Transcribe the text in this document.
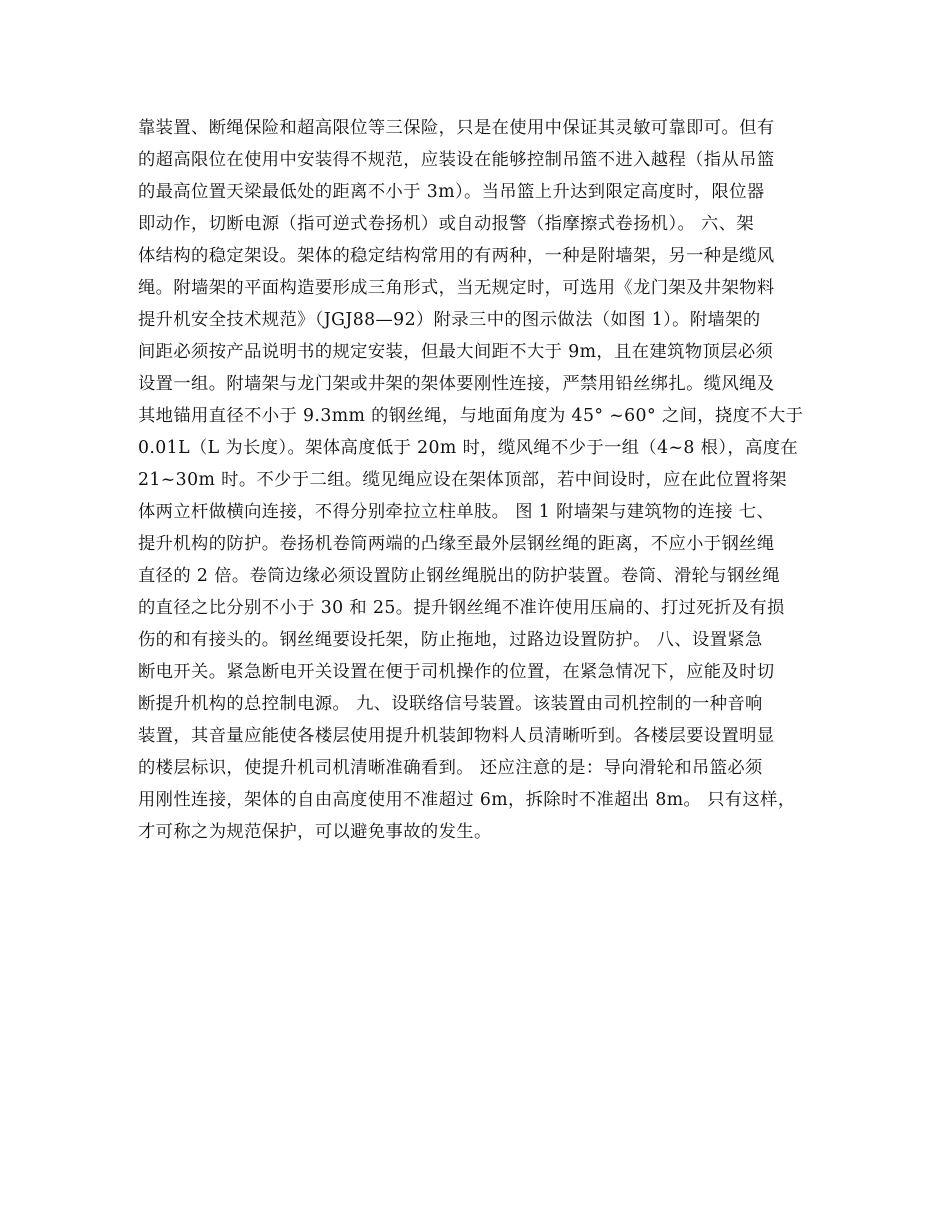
靠装置、断绳保险和超高限位等三保险，只是在使用中保证其灵敏可靠即可。但有
的超高限位在使用中安装得不规范，应装设在能够控制吊篮不进入越程（指从吊篮
的最高位置天梁最低处的距离不小于 3m）。当吊篮上升达到限定高度时，限位器
即动作，切断电源（指可逆式卷扬机）或自动报警（指摩擦式卷扬机）。 六、架
体结构的稳定架设。架体的稳定结构常用的有两种，一种是附墙架，另一种是缆风
绳。附墙架的平面构造要形成三角形式，当无规定时，可选用《龙门架及井架物料
提升机安全技术规范》（JGJ88—92）附录三中的图示做法（如图 1）。附墙架的
间距必须按产品说明书的规定安装，但最大间距不大于 9m，且在建筑物顶层必须
设置一组。附墙架与龙门架或井架的架体要刚性连接，严禁用铅丝绑扎。缆风绳及
其地锚用直径不小于 9.3mm 的钢丝绳，与地面角度为 45° ~60° 之间，挠度不大于
0.01L（L 为长度）。架体高度低于 20m 时，缆风绳不少于一组（4~8 根），高度在
21~30m 时。不少于二组。缆见绳应设在架体顶部，若中间设时，应在此位置将架
体两立杆做横向连接，不得分别牵拉立柱单肢。 图 1 附墙架与建筑物的连接 七、
提升机构的防护。卷扬机卷筒两端的凸缘至最外层钢丝绳的距离，不应小于钢丝绳
直径的 2 倍。卷筒边缘必须设置防止钢丝绳脱出的防护装置。卷筒、滑轮与钢丝绳
的直径之比分别不小于 30 和 25。提升钢丝绳不准许使用压扁的、打过死折及有损
伤的和有接头的。钢丝绳要设托架，防止拖地，过路边设置防护。 八、设置紧急
断电开关。紧急断电开关设置在便于司机操作的位置，在紧急情况下，应能及时切
断提升机构的总控制电源。 九、设联络信号装置。该装置由司机控制的一种音响
装置，其音量应能使各楼层使用提升机装卸物料人员清晰听到。各楼层要设置明显
的楼层标识，使提升机司机清晰准确看到。 还应注意的是：导向滑轮和吊篮必须
用刚性连接，架体的自由高度使用不准超过 6m，拆除时不准超出 8m。 只有这样，
才可称之为规范保护，可以避免事故的发生。
